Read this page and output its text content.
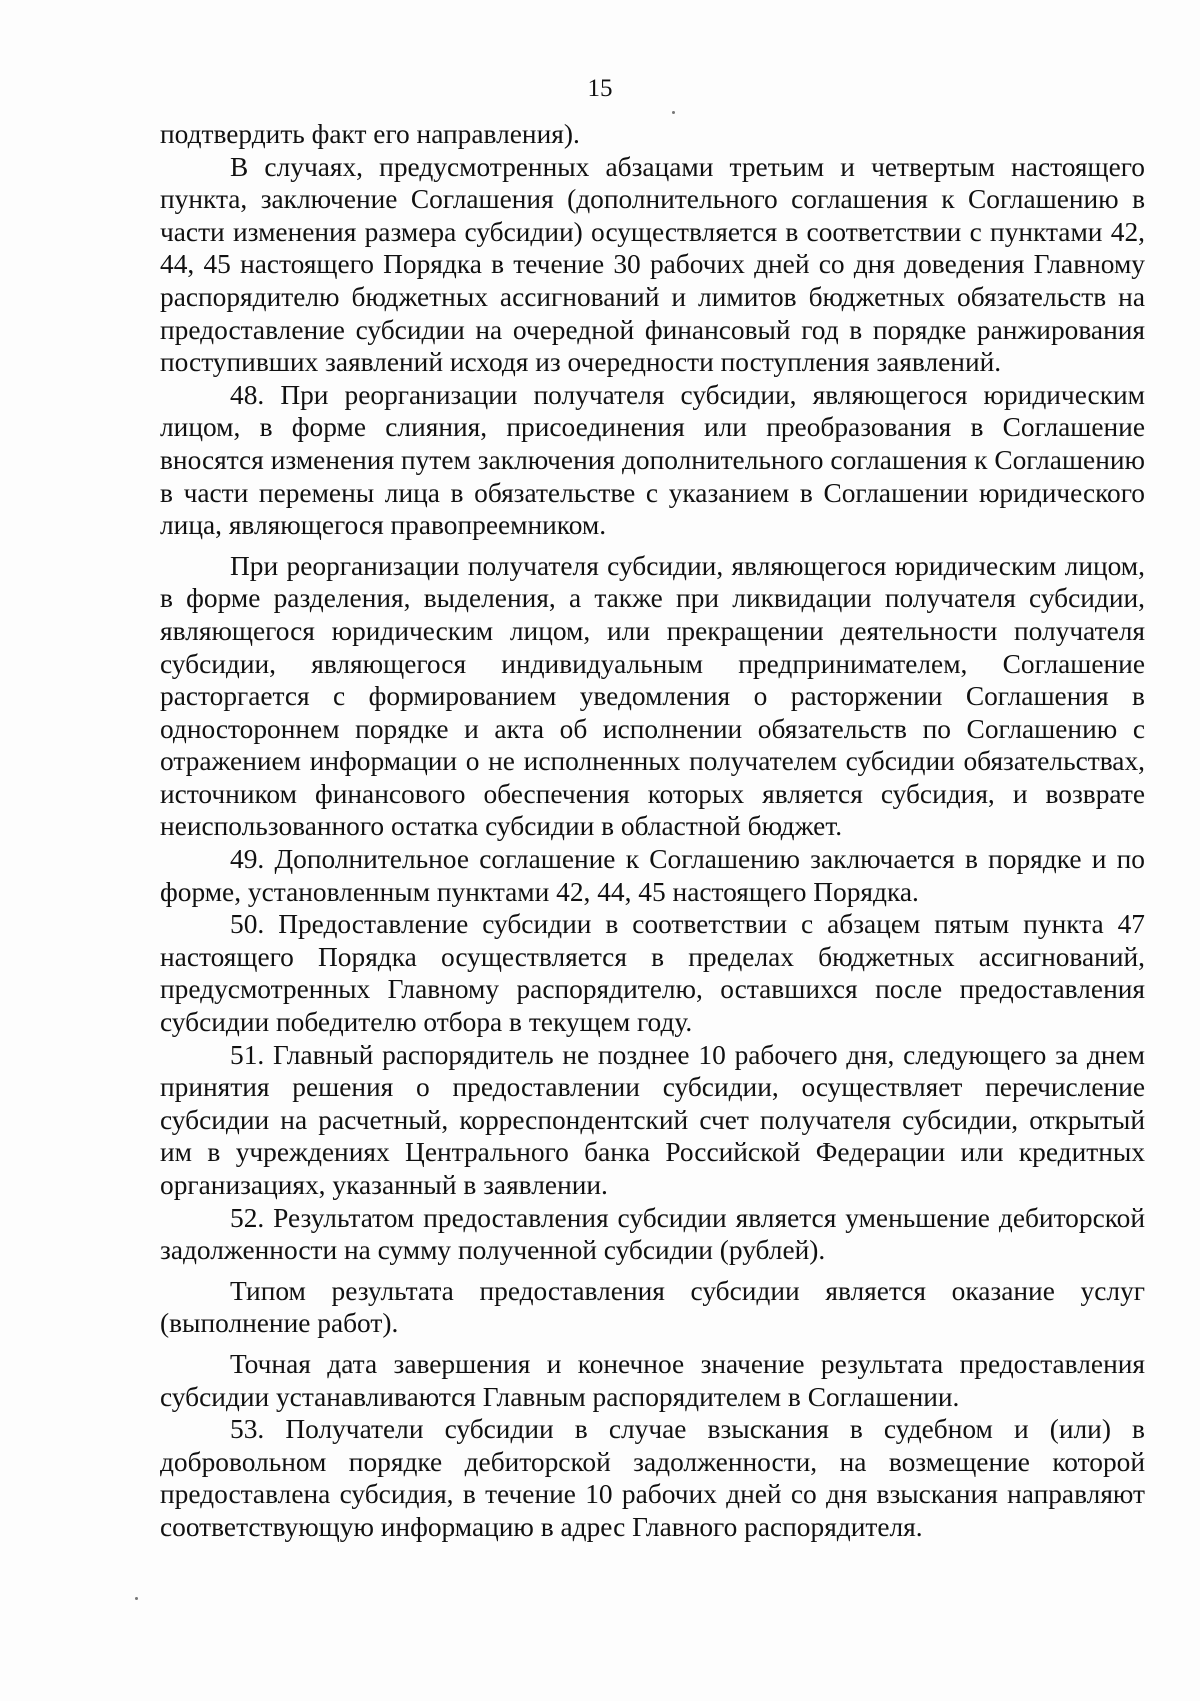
15

подтвердить факт его направления).

В случаях, предусмотренных абзацами третьим и четвертым настоящего пункта, заключение Соглашения (дополнительного соглашения к Соглашению в части изменения размера субсидии) осуществляется в соответствии с пунктами 42, 44, 45 настоящего Порядка в течение 30 рабочих дней со дня доведения Главному распорядителю бюджетных ассигнований и лимитов бюджетных обязательств на предоставление субсидии на очередной финансовый год в порядке ранжирования поступивших заявлений исходя из очередности поступления заявлений.

48. При реорганизации получателя субсидии, являющегося юридическим лицом, в форме слияния, присоединения или преобразования в Соглашение вносятся изменения путем заключения дополнительного соглашения к Соглашению в части перемены лица в обязательстве с указанием в Соглашении юридического лица, являющегося правопреемником.

При реорганизации получателя субсидии, являющегося юридическим лицом, в форме разделения, выделения, а также при ликвидации получателя субсидии, являющегося юридическим лицом, или прекращении деятельности получателя субсидии, являющегося индивидуальным предпринимателем, Соглашение расторгается с формированием уведомления о расторжении Соглашения в одностороннем порядке и акта об исполнении обязательств по Соглашению с отражением информации о не исполненных получателем субсидии обязательствах, источником финансового обеспечения которых является субсидия, и возврате неиспользованного остатка субсидии в областной бюджет.

49. Дополнительное соглашение к Соглашению заключается в порядке и по форме, установленным пунктами 42, 44, 45 настоящего Порядка.

50. Предоставление субсидии в соответствии с абзацем пятым пункта 47 настоящего Порядка осуществляется в пределах бюджетных ассигнований, предусмотренных Главному распорядителю, оставшихся после предоставления субсидии победителю отбора в текущем году.

51. Главный распорядитель не позднее 10 рабочего дня, следующего за днем принятия решения о предоставлении субсидии, осуществляет перечисление субсидии на расчетный, корреспондентский счет получателя субсидии, открытый им в учреждениях Центрального банка Российской Федерации или кредитных организациях, указанный в заявлении.

52. Результатом предоставления субсидии является уменьшение дебиторской задолженности на сумму полученной субсидии (рублей).

Типом результата предоставления субсидии является оказание услуг (выполнение работ).

Точная дата завершения и конечное значение результата предоставления субсидии устанавливаются Главным распорядителем в Соглашении.

53. Получатели субсидии в случае взыскания в судебном и (или) в добровольном порядке дебиторской задолженности, на возмещение которой предоставлена субсидия, в течение 10 рабочих дней со дня взыскания направляют соответствующую информацию в адрес Главного распорядителя.
